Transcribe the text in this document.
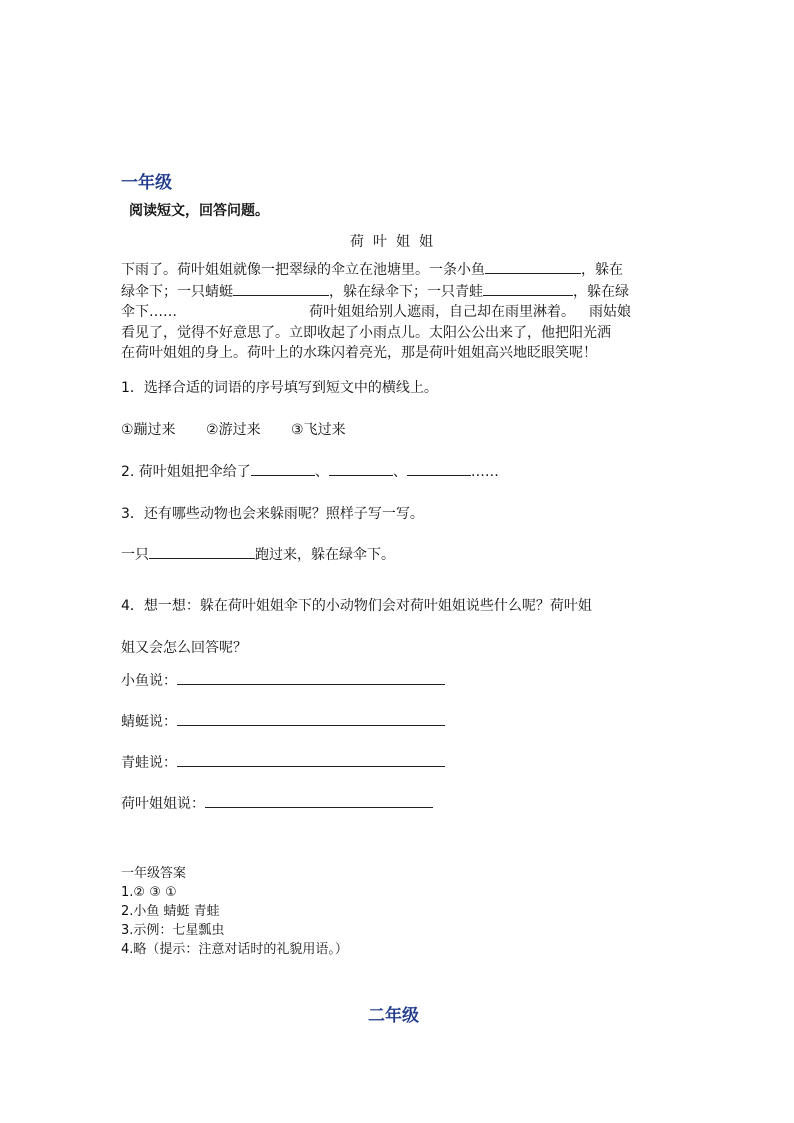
一年级
阅读短文，回答问题。
荷叶姐姐
下雨了。荷叶姐姐就像一把翠绿的伞立在池塘里。一条小鱼	，躲在
绿伞下；一只蜻蜓	，躲在绿伞下；一只青蛙	，躲在绿
伞下……	荷叶姐姐给别人遮雨，自己却在雨里淋着。 雨姑娘
看见了，觉得不好意思了。立即收起了小雨点儿。太阳公公出来了，他把阳光洒
在荷叶姐姐的身上。荷叶上的水珠闪着亮光，那是荷叶姐姐高兴地眨眼笑呢！
1．选择合适的词语的序号填写到短文中的横线上。
①蹦过来 ②游过来 ③飞过来
2. 荷叶姐姐把伞给了	、	、	……
3．还有哪些动物也会来躲雨呢？照样子写一写。
一只	跑过来，躲在绿伞下。
4．想一想：躲在荷叶姐姐伞下的小动物们会对荷叶姐姐说些什么呢？荷叶姐
姐又会怎么回答呢？
小鱼说：
蜻蜓说：
青蛙说：
荷叶姐姐说：
一年级答案
1.② ③ ①
2.小鱼 蜻蜓 青蛙
3.示例：七星瓢虫
4.略（提示：注意对话时的礼貌用语。）
二年级
